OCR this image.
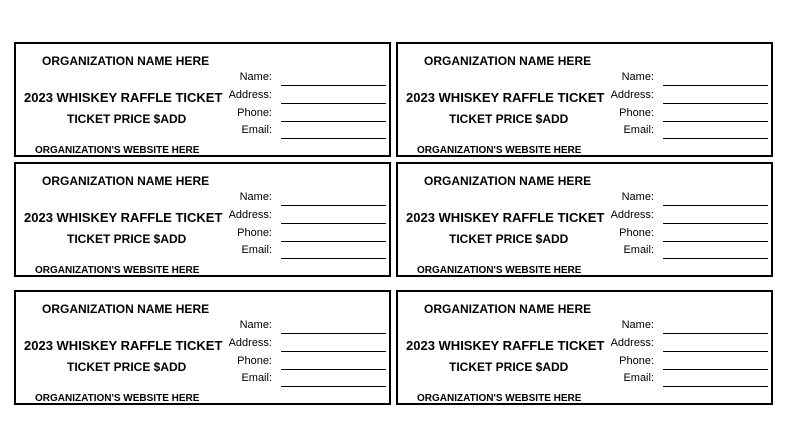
ORGANIZATION NAME HERE
2023 WHISKEY RAFFLE TICKET
TICKET PRICE $ADD
ORGANIZATION'S WEBSITE HERE
Name:
Address:
Phone:
Email:
ORGANIZATION NAME HERE
2023 WHISKEY RAFFLE TICKET
TICKET PRICE $ADD
ORGANIZATION'S WEBSITE HERE
Name:
Address:
Phone:
Email:
ORGANIZATION NAME HERE
2023 WHISKEY RAFFLE TICKET
TICKET PRICE $ADD
ORGANIZATION'S WEBSITE HERE
Name:
Address:
Phone:
Email:
ORGANIZATION NAME HERE
2023 WHISKEY RAFFLE TICKET
TICKET PRICE $ADD
ORGANIZATION'S WEBSITE HERE
Name:
Address:
Phone:
Email:
ORGANIZATION NAME HERE
2023 WHISKEY RAFFLE TICKET
TICKET PRICE $ADD
ORGANIZATION'S WEBSITE HERE
Name:
Address:
Phone:
Email:
ORGANIZATION NAME HERE
2023 WHISKEY RAFFLE TICKET
TICKET PRICE $ADD
ORGANIZATION'S WEBSITE HERE
Name:
Address:
Phone:
Email:
